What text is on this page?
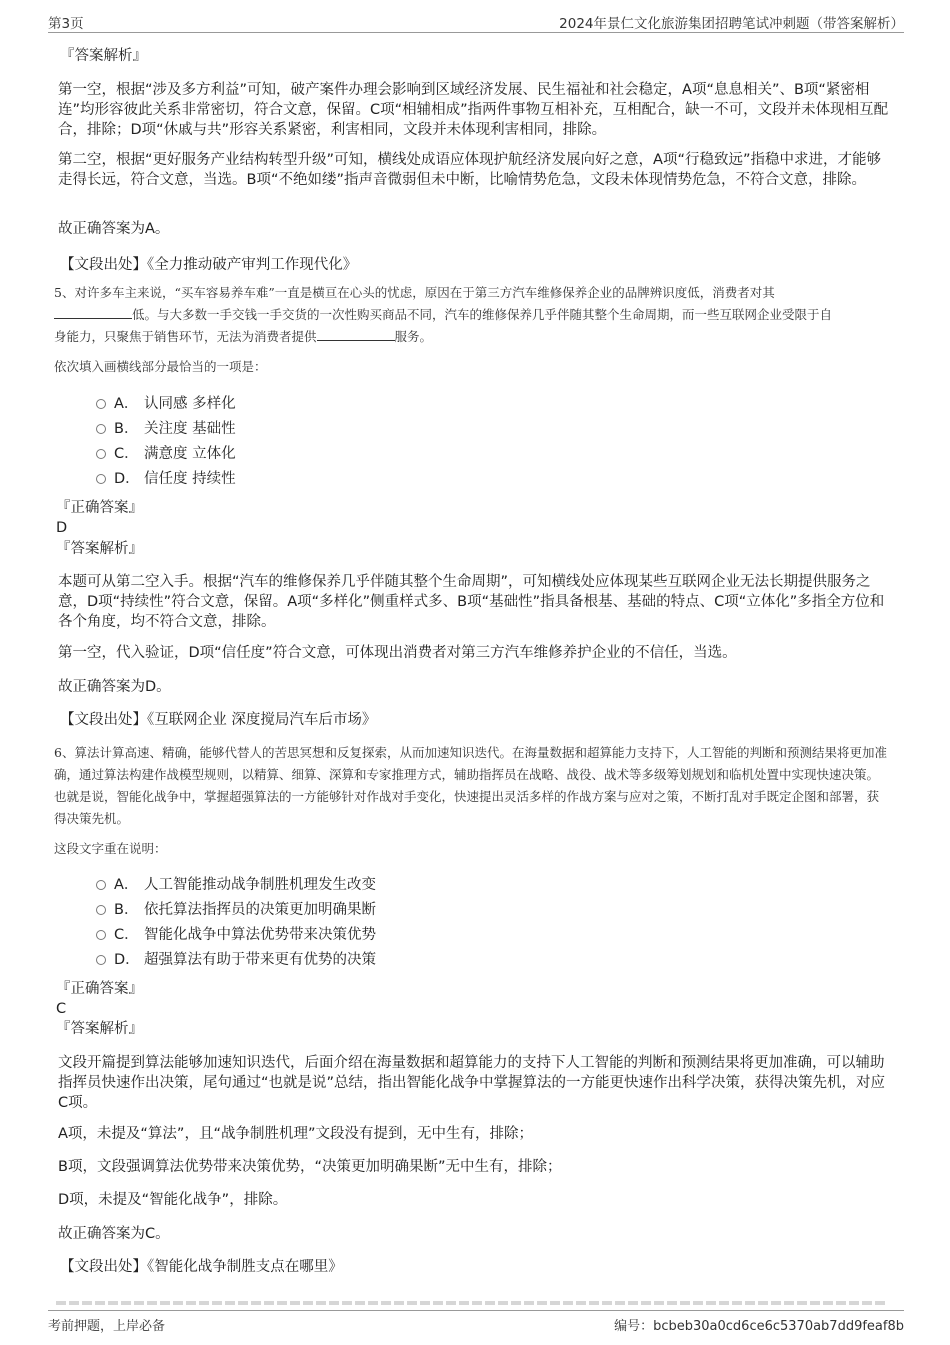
第3页	2024年景仁文化旅游集团招聘笔试冲刺题（带答案解析）
『答案解析』
第一空，根据“涉及多方利益”可知，破产案件办理会影响到区域经济发展、民生福祉和社会稳定，A项“息息相关”、B项“紧密相连”均形容彼此关系非常密切，符合文意，保留。C项“相辅相成”指两件事物互相补充，互相配合，缺一不可，文段并未体现相互配合，排除；D项“休戚与共”形容关系紧密，利害相同，文段并未体现利害相同，排除。
第二空，根据“更好服务产业结构转型升级”可知，横线处成语应体现护航经济发展向好之意，A项“行稳致远”指稳中求进，才能够走得长远，符合文意，当选。B项“不绝如缕”指声音微弱但未中断，比喻情势危急，文段未体现情势危急，不符合文意，排除。
故正确答案为A。
【文段出处】《全力推动破产审判工作现代化》
5、对许多车主来说，“买车容易养车难”一直是横亘在心头的忧虑，原因在于第三方汽车维修保养企业的品牌辨识度低，消费者对其
低。与大多数一手交钱一手交货的一次性购买商品不同，汽车的维修保养几乎伴随其整个生命周期，而一些互联网企业受限于自
身能力，只聚焦于销售环节，无法为消费者提供	服务。
依次填入画横线部分最恰当的一项是：
A． 认同感 多样化
B． 关注度 基础性
C． 满意度 立体化
D． 信任度 持续性
『正确答案』
D
『答案解析』
本题可从第二空入手。根据“汽车的维修保养几乎伴随其整个生命周期”，可知横线处应体现某些互联网企业无法长期提供服务之意，D项“持续性”符合文意，保留。A项“多样化”侧重样式多、B项“基础性”指具备根基、基础的特点、C项“立体化”多指全方位和各个角度，均不符合文意，排除。
第一空，代入验证，D项“信任度”符合文意，可体现出消费者对第三方汽车维修养护企业的不信任，当选。
故正确答案为D。
【文段出处】《互联网企业 深度搅局汽车后市场》
6、算法计算高速、精确，能够代替人的苦思冥想和反复探索，从而加速知识迭代。在海量数据和超算能力支持下，人工智能的判断和预测结果将更加准确，通过算法构建作战模型规则，以精算、细算、深算和专家推理方式，辅助指挥员在战略、战役、战术等多级筹划规划和临机处置中实现快速决策。也就是说，智能化战争中，掌握超强算法的一方能够针对作战对手变化，快速提出灵活多样的作战方案与应对之策，不断打乱对手既定企图和部署，获得决策先机。
这段文字重在说明：
A． 人工智能推动战争制胜机理发生改变
B． 依托算法指挥员的决策更加明确果断
C． 智能化战争中算法优势带来决策优势
D． 超强算法有助于带来更有优势的决策
『正确答案』
C
『答案解析』
文段开篇提到算法能够加速知识迭代，后面介绍在海量数据和超算能力的支持下人工智能的判断和预测结果将更加准确，可以辅助指挥员快速作出决策，尾句通过“也就是说”总结，指出智能化战争中掌握算法的一方能更快速作出科学决策，获得决策先机，对应C项。
A项，未提及“算法”，且“战争制胜机理”文段没有提到，无中生有，排除；
B项，文段强调算法优势带来决策优势，“决策更加明确果断”无中生有，排除；
D项，未提及“智能化战争”，排除。
故正确答案为C。
【文段出处】《智能化战争制胜支点在哪里》
考前押题，上岸必备	编号：bcbeb30a0cd6ce6c5370ab7dd9feaf8b
